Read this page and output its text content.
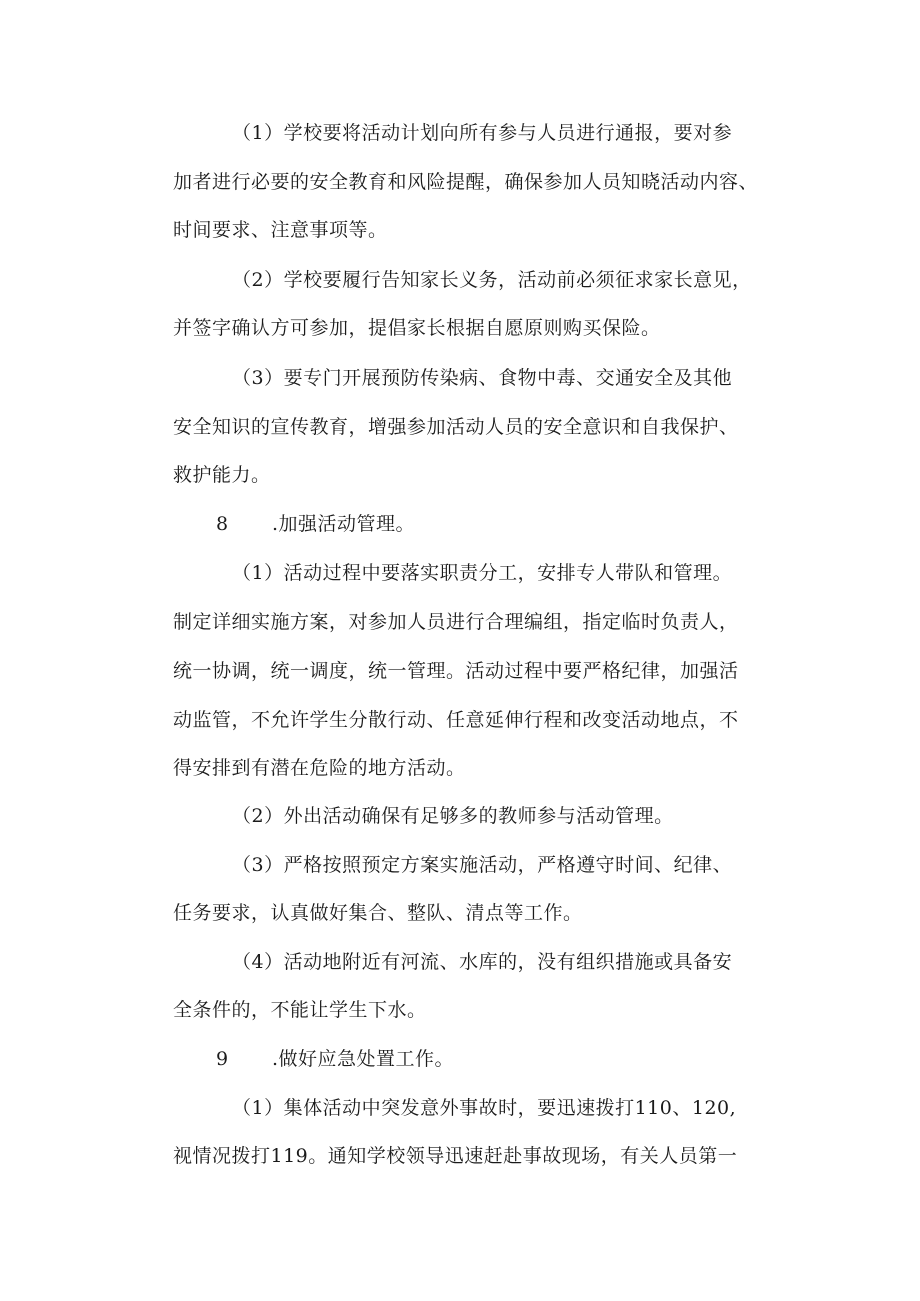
（1）学校要将活动计划向所有参与人员进行通报，要对参
加者进行必要的安全教育和风险提醒，确保参加人员知晓活动内容、
时间要求、注意事项等。
（2）学校要履行告知家长义务，活动前必须征求家长意见，
并签字确认方可参加，提倡家长根据自愿原则购买保险。
（3）要专门开展预防传染病、食物中毒、交通安全及其他
安全知识的宣传教育，增强参加活动人员的安全意识和自我保护、
救护能力。
8 .加强活动管理。
（1）活动过程中要落实职责分工，安排专人带队和管理。
制定详细实施方案，对参加人员进行合理编组，指定临时负责人，
统一协调，统一调度，统一管理。活动过程中要严格纪律，加强活
动监管，不允许学生分散行动、任意延伸行程和改变活动地点，不
得安排到有潜在危险的地方活动。
（2）外出活动确保有足够多的教师参与活动管理。
（3）严格按照预定方案实施活动，严格遵守时间、纪律、
任务要求，认真做好集合、整队、清点等工作。
（4）活动地附近有河流、水库的，没有组织措施或具备安
全条件的，不能让学生下水。
9 .做好应急处置工作。
（1）集体活动中突发意外事故时，要迅速拨打110、120,
视情况拨打119。通知学校领导迅速赶赴事故现场，有关人员第一
